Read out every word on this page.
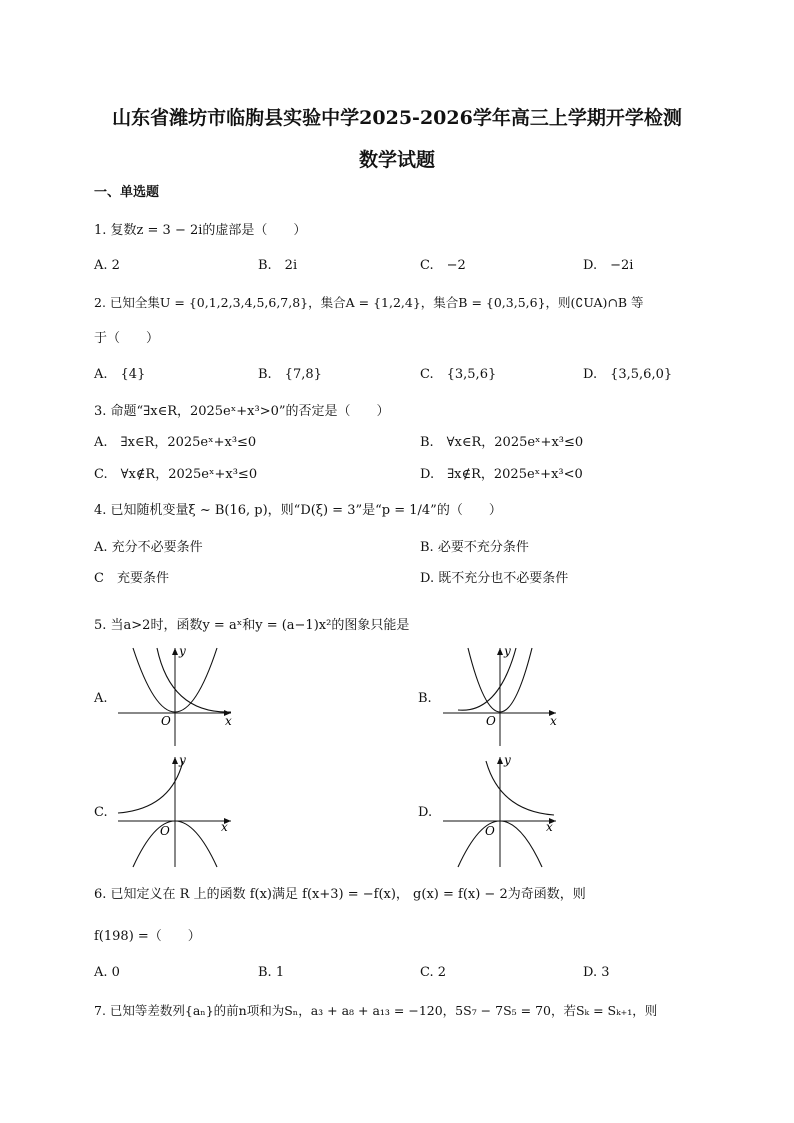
山东省潍坊市临朐县实验中学2025-2026学年高三上学期开学检测
数学试题
一、单选题
1. 复数z = 3 − 2i的虚部是（　　）
A. 2	B.　2i	C.　−2	D.　−2i
2. 已知全集U = {0,1,2,3,4,5,6,7,8}，集合A = {1,2,4}，集合B = {0,3,5,6}，则(∁UA)∩B 等
于（　　）
A.　{4}	B.　{7,8}	C.　{3,5,6}	D.　{3,5,6,0}
3. 命题“∃x∈R，2025eˣ+x³>0”的否定是（　　）
A.　∃x∈R，2025eˣ+x³≤0	B.　∀x∈R，2025eˣ+x³≤0
C.　∀x∉R，2025eˣ+x³≤0	D.　∃x∉R，2025eˣ+x³<0
4. 已知随机变量ξ ~ B(16, p)，则“D(ξ) = 3”是“p = 1/4”的（　　）
A. 充分不必要条件	B. 必要不充分条件
C　充要条件	D. 既不充分也不必要条件
5. 当a>2时，函数y = aˣ和y = (a−1)x²的图象只能是
A.
y
x
O
B.
y
x
O
C.
y
x
O
D.
y
x
O
6. 已知定义在 R 上的函数 f(x)满足 f(x+3) = −f(x)， g(x) = f(x) − 2为奇函数，则
f(198) =（　　）
A. 0	B. 1	C. 2	D. 3
7. 已知等差数列{aₙ}的前n项和为Sₙ，a₃ + a₈ + a₁₃ = −120，5S₇ − 7S₅ = 70，若Sₖ = Sₖ₊₁，则
